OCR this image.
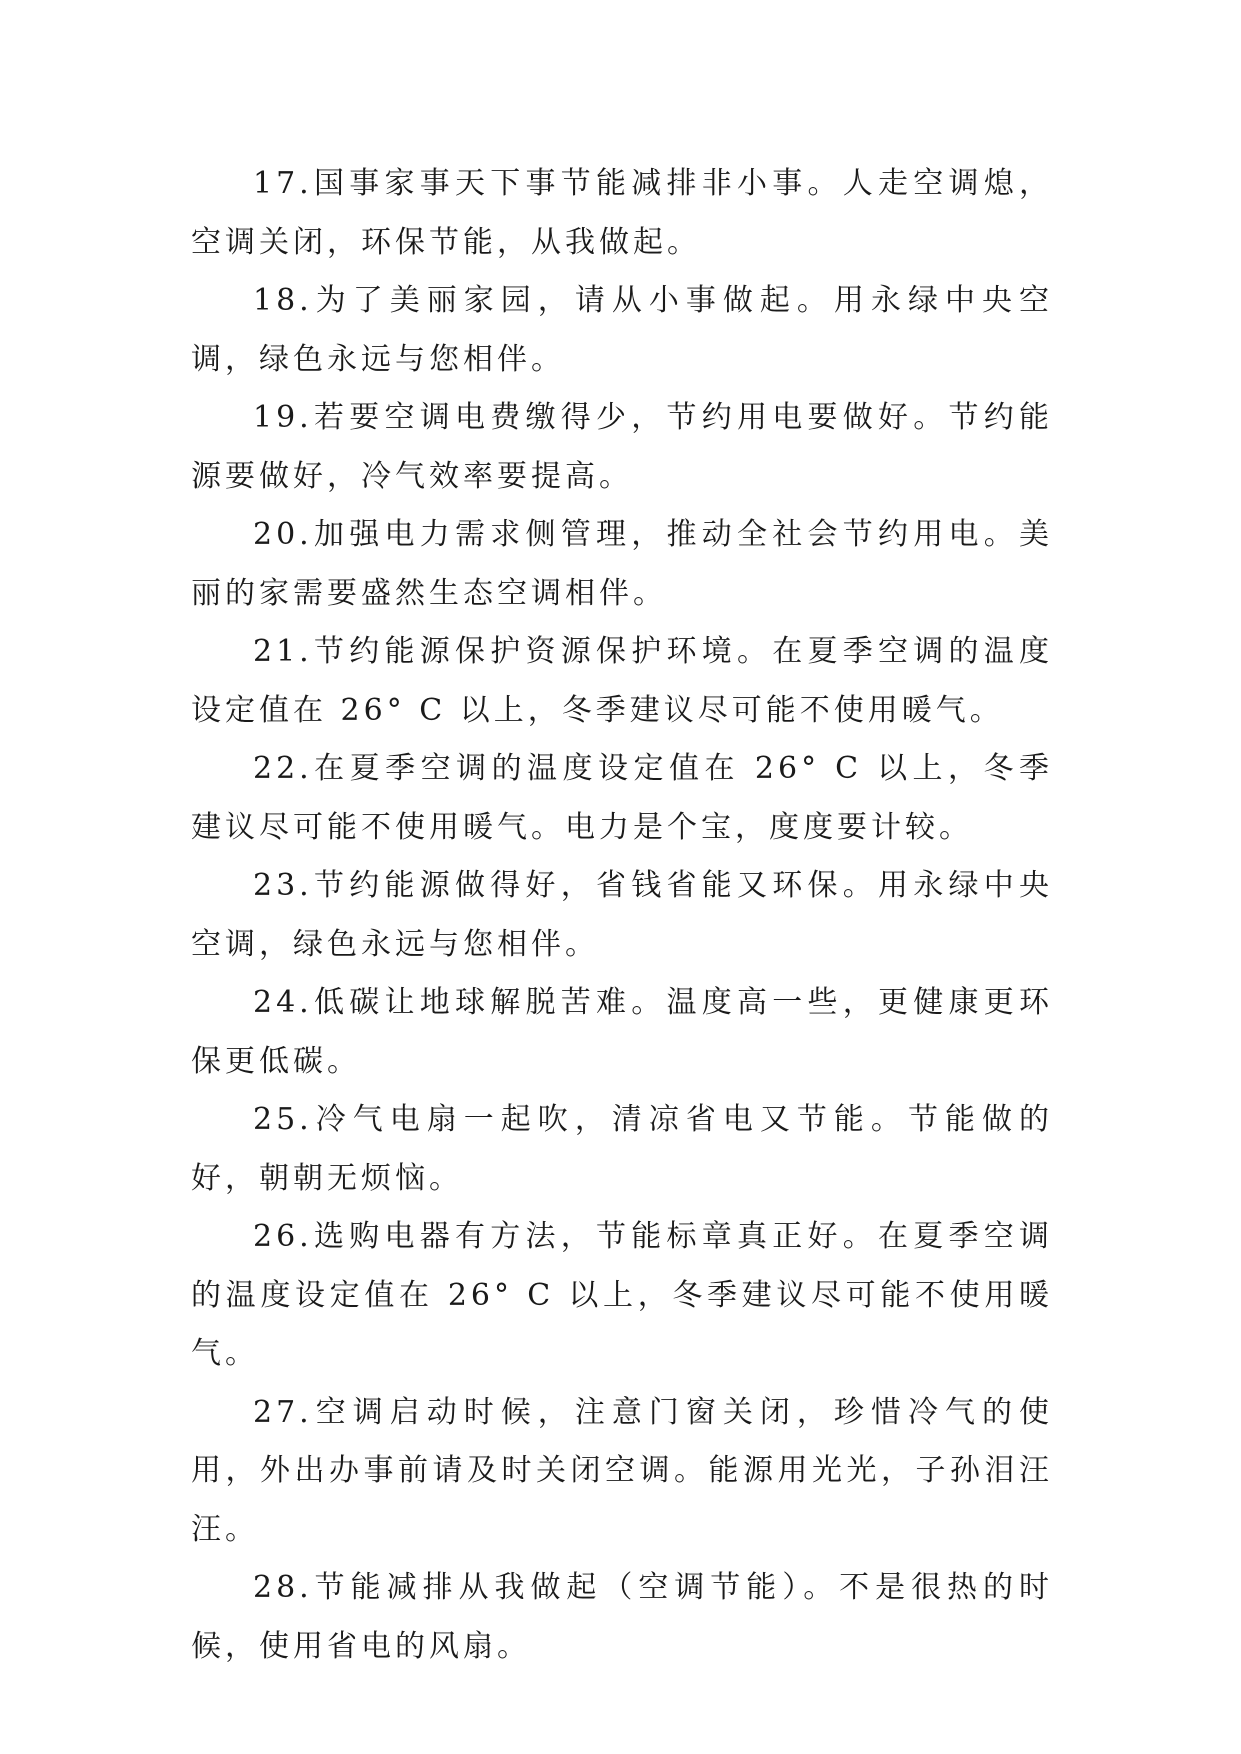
17.国事家事天下事节能减排非小事。人走空调熄，空调关闭，环保节能，从我做起。

18.为了美丽家园，请从小事做起。用永绿中央空调，绿色永远与您相伴。

19.若要空调电费缴得少，节约用电要做好。节约能源要做好，冷气效率要提高。

20.加强电力需求侧管理，推动全社会节约用电。美丽的家需要盛然生态空调相伴。

21.节约能源保护资源保护环境。在夏季空调的温度设定值在 26° C 以上，冬季建议尽可能不使用暖气。

22.在夏季空调的温度设定值在 26° C 以上，冬季建议尽可能不使用暖气。电力是个宝，度度要计较。

23.节约能源做得好，省钱省能又环保。用永绿中央空调，绿色永远与您相伴。

24.低碳让地球解脱苦难。温度高一些，更健康更环保更低碳。

25.冷气电扇一起吹，清凉省电又节能。节能做的好，朝朝无烦恼。

26.选购电器有方法，节能标章真正好。在夏季空调的温度设定值在 26° C 以上，冬季建议尽可能不使用暖气。

27.空调启动时候，注意门窗关闭，珍惜冷气的使用，外出办事前请及时关闭空调。能源用光光，子孙泪汪汪。

28.节能减排从我做起（空调节能）。不是很热的时候，使用省电的风扇。
